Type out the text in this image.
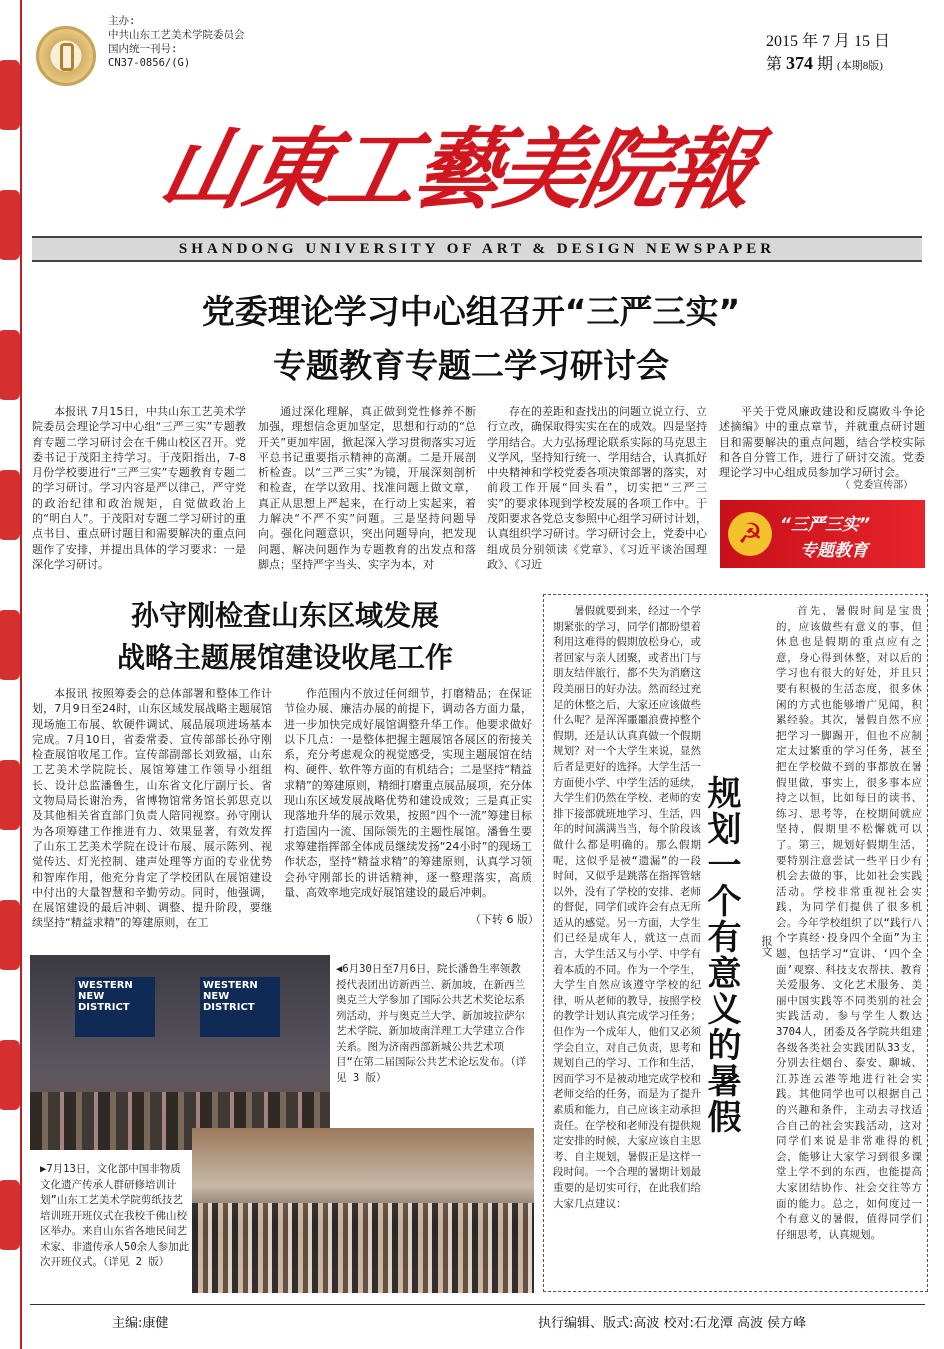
主办:
中共山东工艺美术学院委员会
国内统一刊号:
CN37-0856/(G)
2015 年 7 月 15 日
第 374 期 (本期8版)
山東工藝美院報
SHANDONG UNIVERSITY OF ART & DESIGN NEWSPAPER
党委理论学习中心组召开“三严三实”
专题教育专题二学习研讨会

本报讯 7月15日，中共山东工艺美术学院委员会理论学习中心组“三严三实”专题教育专题二学习研讨会在千佛山校区召开。党委书记于茂阳主持学习。于茂阳指出，7-8月份学校要进行“三严三实”专题教育专题二的学习研讨。学习内容是严以律己，严守党的政治纪律和政治规矩，自觉做政治上的“明白人”。于茂阳对专题二学习研讨的重点书目、重点研讨题目和需要解决的重点问题作了安排，并提出具体的学习要求：一是深化学习研讨。

通过深化理解，真正做到党性修养不断加强，理想信念更加坚定，思想和行动的“总开关”更加牢固，掀起深入学习贯彻落实习近平总书记重要指示精神的高潮。二是开展剖析检查。以“三严三实”为镜，开展深刻剖析和检查，在学以致用、找准问题上做文章，真正从思想上严起来，在行动上实起来，着力解决“不严不实”问题。三是坚持问题导向。强化问题意识，突出问题导向，把发现问题、解决问题作为专题教育的出发点和落脚点；坚持严字当头、实字为本，对

存在的差距和查找出的问题立说立行、立行立改，确保取得实实在在的成效。四是坚持学用结合。大力弘扬理论联系实际的马克思主义学风，坚持知行统一、学用结合，认真抓好中央精神和学校党委各项决策部署的落实，对前段工作开展“回头看”，切实把“三严三实”的要求体现到学校发展的各项工作中。于茂阳要求各党总支参照中心组学习研讨计划，认真组织学习研讨。学习研讨会上，党委中心组成员分别领读《党章》、《习近平谈治国理政》、《习近

平关于党风廉政建设和反腐败斗争论述摘编》中的重点章节，并就重点研讨题目和需要解决的重点问题，结合学校实际和各自分管工作，进行了研讨交流。党委理论学习中心组成员参加学习研讨会。

（ 党委宣传部）
☭	“三严三实”
专题教育
孙守刚检查山东区域发展
战略主题展馆建设收尾工作

本报讯 按照筹委会的总体部署和整体工作计划，7月9日至24时，山东区域发展战略主题展馆现场施工布展、软硬件调试、展品展项进场基本完成。7月10日，省委常委、宣传部部长孙守刚检查展馆收尾工作。宣传部副部长刘致福，山东工艺美术学院院长、展馆筹建工作领导小组组长、设计总监潘鲁生，山东省文化厅副厅长、省文物局局长谢治秀，省博物馆常务馆长郭思克以及其他相关省直部门负责人陪同视察。孙守刚认为各项筹建工作推进有力、效果显著，有效发挥了山东工艺美术学院在设计布展、展示陈列、视觉传达、灯光控制、建声处理等方面的专业优势和智库作用，他充分肯定了学校团队在展馆建设中付出的大量智慧和辛勤劳动。同时，他强调，在展馆建设的最后冲刺、调整、提升阶段，要继续坚持“精益求精”的筹建原则，在工

作范围内不放过任何细节，打磨精品；在保证节俭办展、廉洁办展的前提下，调动各方面力量，进一步加快完成好展馆调整升华工作。他要求做好以下几点：一是整体把握主题展馆各展区的衔接关系，充分考虑观众的视觉感受，实现主题展馆在结构、硬件、软件等方面的有机结合；二是坚持“精益求精”的筹建原则，精细打磨重点展品展项，充分体现山东区域发展战略优势和建设成效；三是真正实现落地升华的展示效果，按照“四个一流”筹建目标打造国内一流、国际领先的主题性展馆。潘鲁生要求筹建指挥部全体成员继续发扬“24小时”的现场工作状态，坚持“精益求精”的筹建原则，认真学习领会孙守刚部长的讲话精神，逐一整理落实，高质量、高效率地完成好展馆建设的最后冲刺。

（下转 6 版）

暑假就要到来，经过一个学期紧张的学习，同学们都盼望着利用这难得的假期放松身心，或者回家与亲人团聚，或者出门与朋友结伴旅行，都不失为消磨这段美丽日的好办法。然而经过充足的休整之后，大家还应该做些什么呢？是浑浑噩噩浪费掉整个假期，还是认认真真做一个假期规划？对一个大学生来说，显然后者是更好的选择。大学生活一方面使小学、中学生活的延续，大学生们仍然在学校、老师的安排下接部就班地学习、生活，四年的时间满满当当，每个阶段该做什么都是明确的。那么假期呢，这似乎是被“遗漏”的一段时间，又似乎是跳落在指挥管辖以外，没有了学校的安排、老师的督促，同学们或许会有点无所适从的感觉。另一方面，大学生们已经是成年人，就这一点而言，大学生活又与小学、中学有着本质的不同。作为一个学生，大学生自然应该遵守学校的纪律，听从老师的教导，按照学校的教学计划认真完成学习任务；但作为一个成年人，他们又必须学会自立，对自己负责，思考和规划自己的学习、工作和生活，因而学习不是被动地完成学校和老师交给的任务，而是为了提升素质和能力，自己应该主动承担责任。在学校和老师没有提供规定安排的时候，大家应该自主思考、自主规划，暑假正是这样一段时间。一个合理的暑期计划最重要的是切实可行，在此我们给大家几点建议：

规划一个有意义的暑假	报文

首先，暑假时间是宝贵的，应该做些有意义的事，但休息也是假期的重点应有之意，身心得到休整，对以后的学习也有很大的好处，并且只要有积极的生活态度，很多休闲的方式也能够增广见闻，积累经验。其次，暑假自然不应把学习一脚踢开，但也不应制定太过繁重的学习任务，甚至把在学校做不到的事都放在暑假里做，事实上，很多事本应持之以恒，比如每日的读书、练习、思考等，在校期间就应坚持，假期里不松懈就可以了。第三，规划好假期生活，要特别注意尝试一些平日少有机会去做的事，比如社会实践活动。学校非常重视社会实践，为同学们提供了很多机会。今年学校组织了以“践行八个字真经·投身四个全面”为主题，包括学习“宣讲、‘四个全面’观察、科技支农帮扶、教育关爱服务、文化艺术服务、美丽中国实践等不同类别的社会实践活动，参与学生人数达3704人，团委及各学院共组建各级各类社会实践团队33支，分别去往烟台、泰安、聊城、江苏连云港等地进行社会实践。其他同学也可以根据自己的兴趣和条件，主动去寻找适合自己的社会实践活动，这对同学们来说是非常难得的机会，能够让大家学习到很多课堂上学不到的东西，也能提高大家团结协作、社会交往等方面的能力。总之，如何度过一个有意义的暑假，值得同学们仔细思考，认真规划。

WESTERN NEW DISTRICT
WESTERN NEW DISTRICT
◀6月30日至7月6日，院长潘鲁生率领教授代表团出访新西兰、新加坡，在新西兰奥克兰大学参加了国际公共艺术奖论坛系列活动，并与奥克兰大学、新加坡拉萨尔艺术学院、新加坡南洋理工大学建立合作关系。图为济南西部新城公共艺术项目“在第二届国际公共艺术论坛发布。（详见 3 版）
▶7月13日，文化部中国非物质文化遗产传承人群研修培训计划”山东工艺美术学院剪纸技艺培训班开班仪式在我校千佛山校区举办。来自山东省各地民间艺术家、非遗传承人50余人参加此次开班仪式。（详见 2 版）
主编:康健	执行编辑、版式:高波 校对:石龙潭 高波 侯方峰
